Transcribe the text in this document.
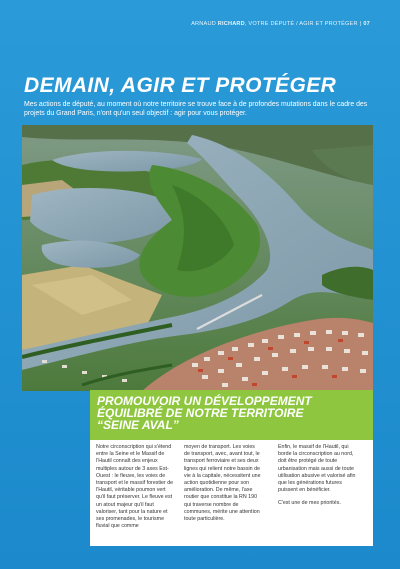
ARNAUD RICHARD, VOTRE DÉPUTÉ / AGIR ET PROTÉGER | 07
DEMAIN, AGIR ET PROTÉGER

Mes actions de député, au moment où notre territoire se trouve face à de profondes mutations dans le cadre des projets du Grand Paris, n'ont qu'un seul objectif : agir pour vous protéger.

PROMOUVOIR UN DÉVELOPPEMENT
ÉQUILIBRÉ DE NOTRE TERRITOIRE
“SEINE AVAL”

Notre circonscription qui s'étend entre la Seine et le Massif de l'Hautil connaît des enjeux multiples autour de 3 axes Est-Ouest : le fleuve, les voies de transport et le massif forestier de l'Hautil, véritable poumon vert qu'il faut préserver. Le fleuve est un atout majeur qu'il faut valoriser, tant pour la nature et ses promenades, le tourisme fluvial que comme

moyen de transport. Les voies de transport, avec, avant tout, le transport ferroviaire et ses deux lignes qui relient notre bassin de vie à la capitale, nécessitent une action quotidienne pour son amélioration. De même, l'axe routier que constitue la RN 190 qui traverse nombre de communes, mérite une attention toute particulière.

Enfin, le massif de l'Hautil, qui borde la circonscription au nord, doit être protégé de toute urbanisation mais aussi de toute utilisation abusive et valorisé afin que les générations futures puissent en bénéficier.

C'est une de mes priorités.
